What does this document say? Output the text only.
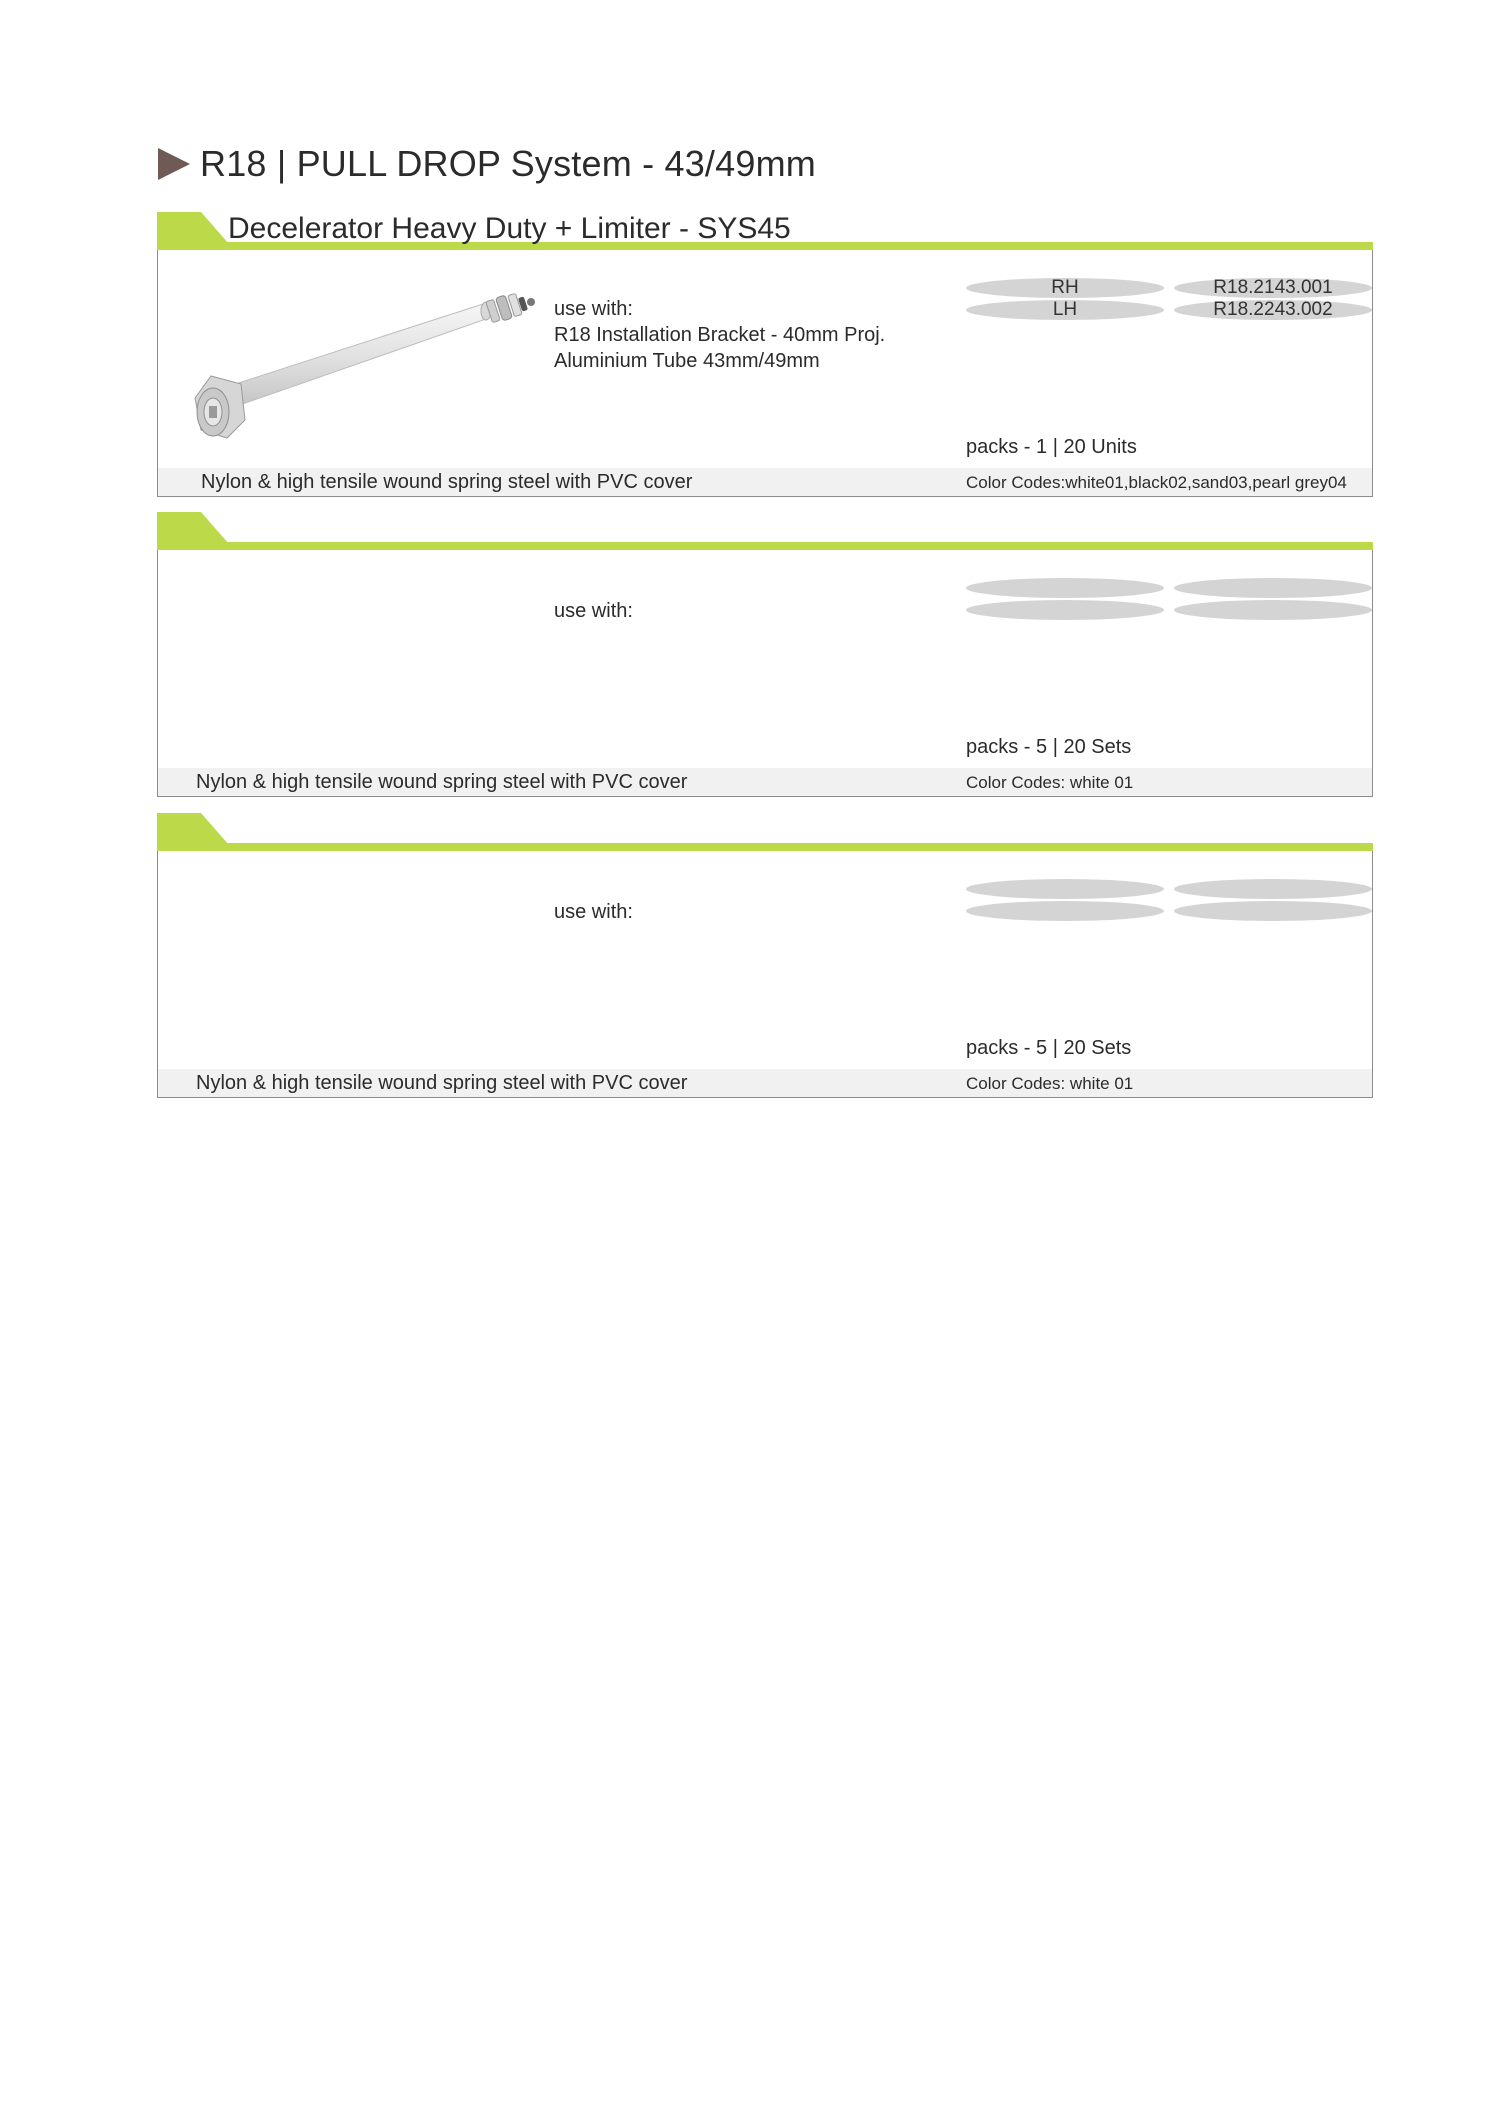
R18 | PULL DROP System - 43/49mm
Decelerator Heavy Duty + Limiter - SYS45
use with:
R18 Installation Bracket - 40mm Proj.
Aluminium Tube 43mm/49mm
RH	R18.2143.001
LH	R18.2243.002
packs - 1 | 20 Units
Nylon & high tensile wound spring steel with PVC cover	Color Codes:white01,black02,sand03,pearl grey04
use with:
packs - 5 | 20 Sets
Nylon & high tensile wound spring steel with PVC cover	Color Codes: white 01
use with:
packs - 5 | 20 Sets
Nylon & high tensile wound spring steel with PVC cover	Color Codes: white 01
